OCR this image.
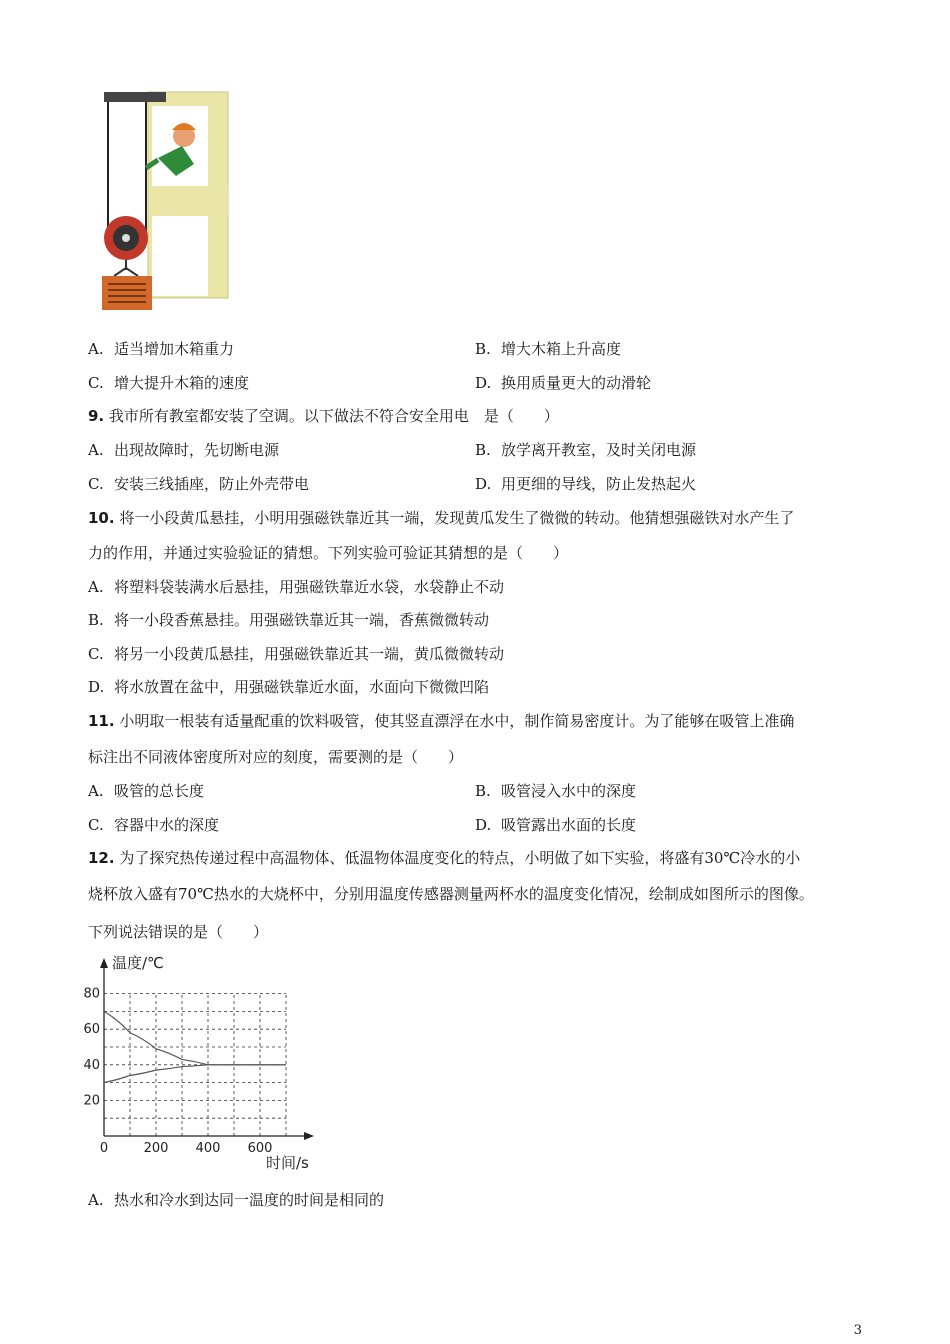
A. 适当增加木箱重力	B. 增大木箱上升高度
C. 增大提升木箱的速度	D. 换用质量更大的动滑轮
9. 我市所有教室都安装了空调。以下做法不符合安全用电　是（　　）
A. 出现故障时，先切断电源	B. 放学离开教室，及时关闭电源
C. 安装三线插座，防止外壳带电	D. 用更细的导线，防止发热起火
10. 将一小段黄瓜悬挂，小明用强磁铁靠近其一端，发现黄瓜发生了微微的转动。他猜想强磁铁对水产生了
力的作用，并通过实验验证的猜想。下列实验可验证其猜想的是（　　）
A. 将塑料袋装满水后悬挂，用强磁铁靠近水袋，水袋静止不动
B. 将一小段香蕉悬挂。用强磁铁靠近其一端，香蕉微微转动
C. 将另一小段黄瓜悬挂，用强磁铁靠近其一端，黄瓜微微转动
D. 将水放置在盆中，用强磁铁靠近水面，水面向下微微凹陷
11. 小明取一根装有适量配重的饮料吸管，使其竖直漂浮在水中，制作简易密度计。为了能够在吸管上准确
标注出不同液体密度所对应的刻度，需要测的是（　　）
A. 吸管的总长度	B. 吸管浸入水中的深度
C. 容器中水的深度	D. 吸管露出水面的长度
12. 为了探究热传递过程中高温物体、低温物体温度变化的特点，小明做了如下实验，将盛有30℃冷水的小
烧杯放入盛有70℃热水的大烧杯中，分别用温度传感器测量两杯水的温度变化情况，绘制成如图所示的图像。
下列说法错误的是（　　）
20
40
60
80
0	200 400 600
温度/℃
时间/s
A. 热水和冷水到达同一温度的时间是相同的
3
